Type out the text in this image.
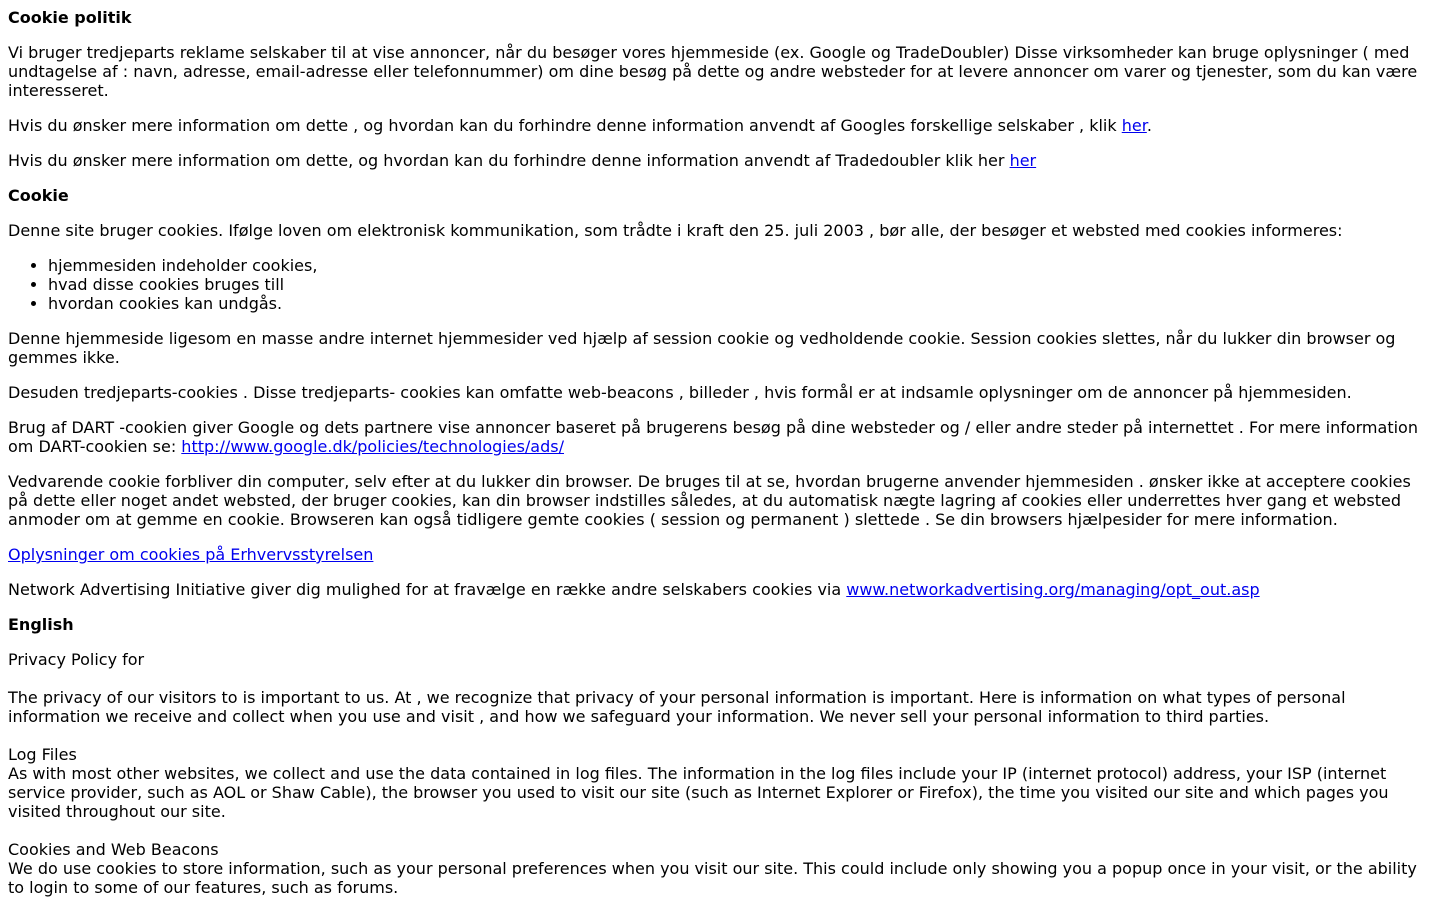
Cookie politik

Vi bruger tredjeparts reklame selskaber til at vise annoncer, når du besøger vores hjemmeside (ex. Google og TradeDoubler) Disse virksomheder kan bruge oplysninger ( med undtagelse af : navn, adresse, email-adresse eller telefonnummer) om dine besøg på dette og andre websteder for at levere annoncer om varer og tjenester, som du kan være interesseret.

Hvis du ønsker mere information om dette , og hvordan kan du forhindre denne information anvendt af Googles forskellige selskaber , klik her.

Hvis du ønsker mere information om dette, og hvordan kan du forhindre denne information anvendt af Tradedoubler klik her her

Cookie

Denne site bruger cookies. Ifølge loven om elektronisk kommunikation, som trådte i kraft den 25. juli 2003 , bør alle, der besøger et websted med cookies informeres:

• hjemmesiden indeholder cookies,
• hvad disse cookies bruges till
• hvordan cookies kan undgås.

Denne hjemmeside ligesom en masse andre internet hjemmesider ved hjælp af session cookie og vedholdende cookie. Session cookies slettes, når du lukker din browser og gemmes ikke.

Desuden tredjeparts-cookies . Disse tredjeparts- cookies kan omfatte web-beacons , billeder , hvis formål er at indsamle oplysninger om de annoncer på hjemmesiden.

Brug af DART -cookien giver Google og dets partnere vise annoncer baseret på brugerens besøg på dine websteder og / eller andre steder på internettet . For mere information om DART-cookien se: http://www.google.dk/policies/technologies/ads/

Vedvarende cookie forbliver din computer, selv efter at du lukker din browser. De bruges til at se, hvordan brugerne anvender hjemmesiden . ønsker ikke at acceptere cookies på dette eller noget andet websted, der bruger cookies, kan din browser indstilles således, at du automatisk nægte lagring af cookies eller underrettes hver gang et websted anmoder om at gemme en cookie. Browseren kan også tidligere gemte cookies ( session og permanent ) slettede . Se din browsers hjælpesider for mere information.

Oplysninger om cookies på Erhvervsstyrelsen

Network Advertising Initiative giver dig mulighed for at fravælge en række andre selskabers cookies via www.networkadvertising.org/managing/opt_out.asp

English

Privacy Policy for
The privacy of our visitors to is important to us. At , we recognize that privacy of your personal information is important. Here is information on what types of personal information we receive and collect when you use and visit , and how we safeguard your information. We never sell your personal information to third parties.
Log Files
As with most other websites, we collect and use the data contained in log files. The information in the log files include your IP (internet protocol) address, your ISP (internet service provider, such as AOL or Shaw Cable), the browser you used to visit our site (such as Internet Explorer or Firefox), the time you visited our site and which pages you visited throughout our site.
Cookies and Web Beacons
We do use cookies to store information, such as your personal preferences when you visit our site. This could include only showing you a popup once in your visit, or the ability to login to some of our features, such as forums.
